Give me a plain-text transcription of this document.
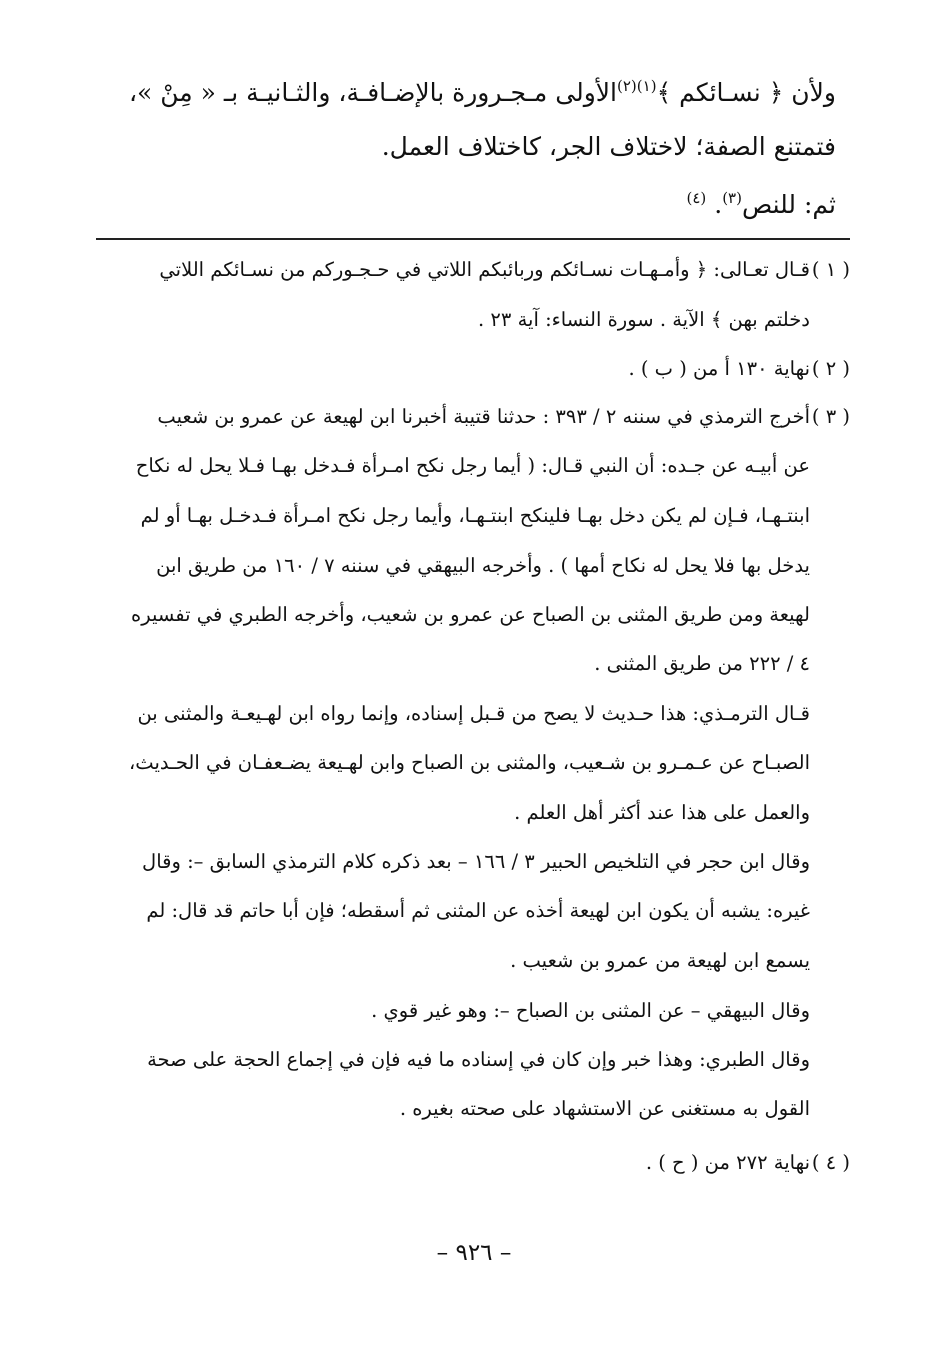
ولأن ﴿ نسـائكم ﴾$^{(١)(٢)}$الأولى مـجـرورة بالإضـافـة، والثـانيـة بـ « مِنْ »،
فتمتنع الصفة؛ لاختلاف الجر، كاختلاف العمل.
ثم: للنص$^{(٣)}$. $^{(٤)}$
( ١ )
قـال تعـالى: ﴿ وأمـهـات نسـائكم وربائبكم اللاتي في حـجـوركم من نسـائكم اللاتي
دخلتم بهن ﴾ الآية . سورة النساء: آية ٢٣ .
( ٢ )
نهاية ١٣٠ أ من ( ب ) .
( ٣ )
أخرج الترمذي في سننه ٢ / ٣٩٣ : حدثنا قتيبة أخبرنا ابن لهيعة عن عمرو بن شعيب
عن أبيـه عن جـده: أن النبي قـال: ( أيما رجل نكح امـرأة فـدخل بهـا فـلا يحل له نكاح
ابنتـهـا، فـإن لم يكن دخل بهـا فلينكح ابنتـهـا، وأيما رجل نكح امـرأة فـدخـل بهـا أو لم
يدخل بها فلا يحل له نكاح أمها ) . وأخرجه البيهقي في سننه ٧ / ١٦٠ من طريق ابن
لهيعة ومن طريق المثنى بن الصباح عن عمرو بن شعيب، وأخرجه الطبري في تفسيره
٤ / ٢٢٢ من طريق المثنى .
قـال الترمـذي: هذا حـديث لا يصح من قـبل إسناده، وإنما رواه ابن لهـيعـة والمثنى بن
الصبـاح عن عـمـرو بن شـعيب، والمثنى بن الصباح وابن لهـيعة يضـعفـان في الحـديث،
والعمل على هذا عند أكثر أهل العلم .
وقال ابن حجر في التلخيص الحبير ٣ / ١٦٦ – بعد ذكره كلام الترمذي السابق –: وقال
غيره: يشبه أن يكون ابن لهيعة أخذه عن المثنى ثم أسقطه؛ فإن أبا حاتم قد قال: لم
يسمع ابن لهيعة من عمرو بن شعيب .
وقال البيهقي – عن المثنى بن الصباح –: وهو غير قوي .
وقال الطبري: وهذا خبر وإن كان في إسناده ما فيه فإن في إجماع الحجة على صحة
القول به مستغنى عن الاستشهاد على صحته بغيره .
( ٤ )
نهاية ٢٧٢ من ( ح ) .
– ٩٢٦ –
